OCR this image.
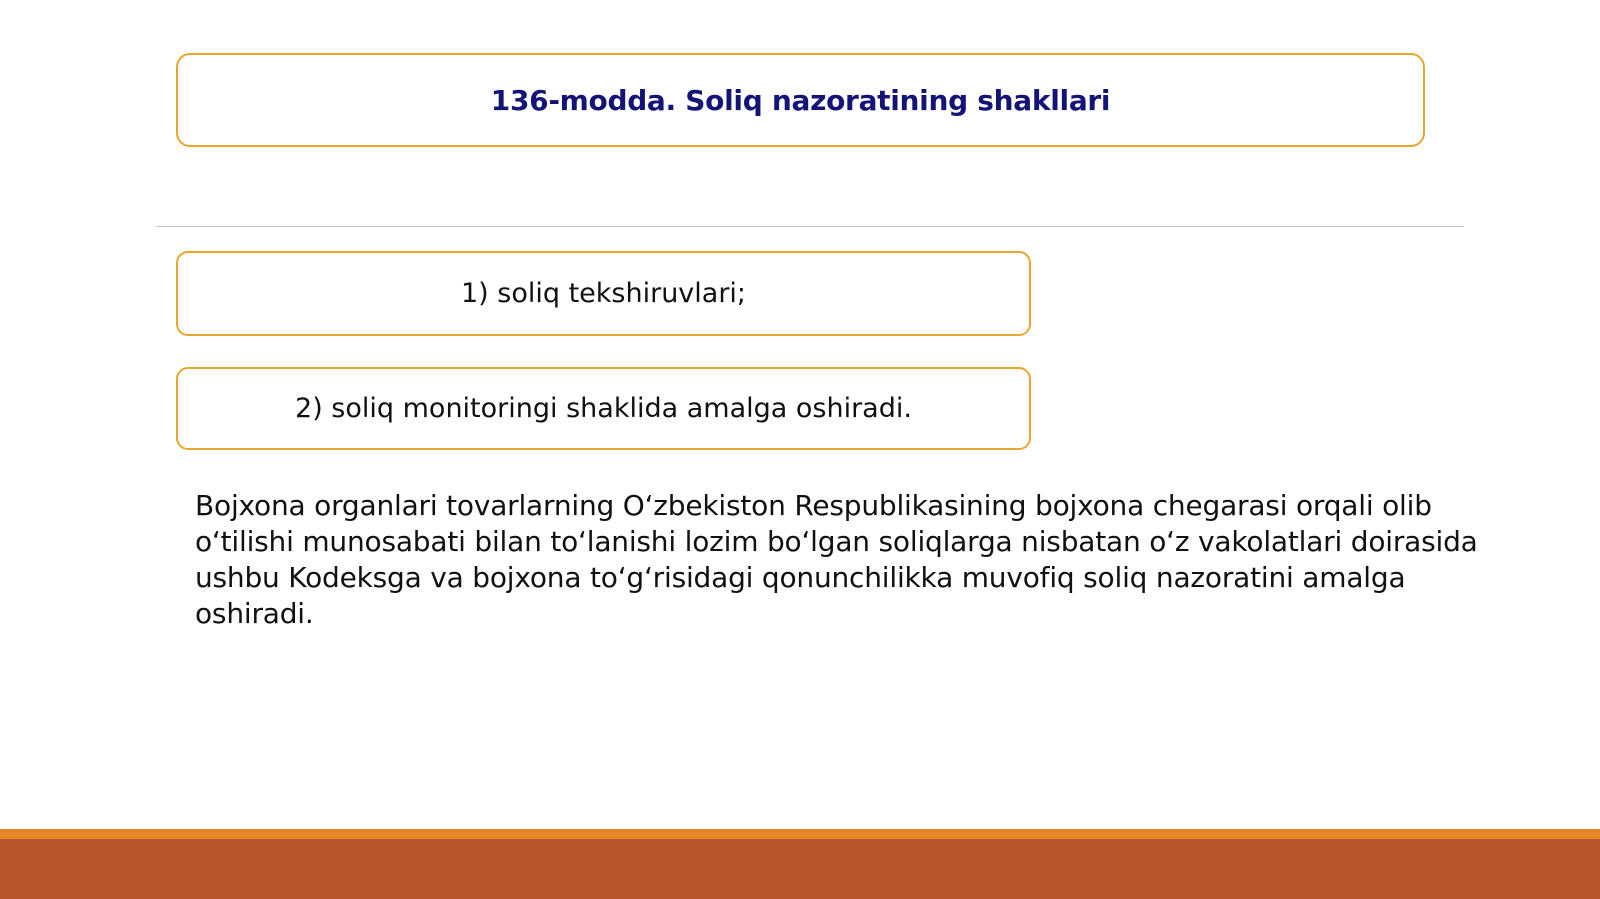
136-modda. Soliq nazoratining shakllari
1) soliq tekshiruvlari;
2) soliq monitoringi shaklida amalga oshiradi.
Bojxona organlari tovarlarning O‘zbekiston Respublikasining bojxona chegarasi orqali olib o‘tilishi munosabati bilan to‘lanishi lozim bo‘lgan soliqlarga nisbatan o‘z vakolatlari doirasida ushbu Kodeksga va bojxona to‘g‘risidagi qonunchilikka muvofiq soliq nazoratini amalga oshiradi.
